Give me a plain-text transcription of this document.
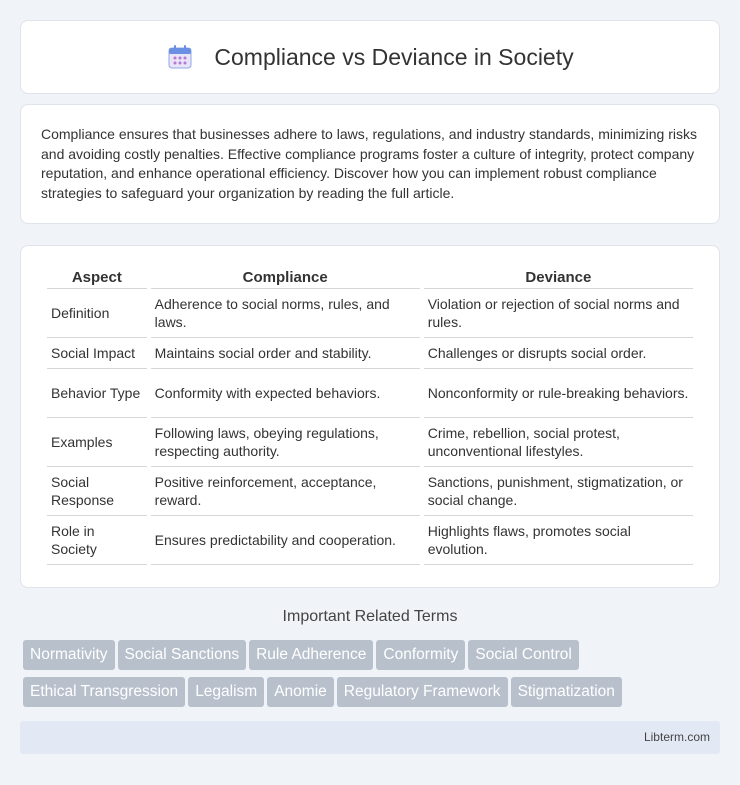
Compliance vs Deviance in Society

Compliance ensures that businesses adhere to laws, regulations, and industry standards, minimizing risks and avoiding costly penalties. Effective compliance programs foster a culture of integrity, protect company reputation, and enhance operational efficiency. Discover how you can implement robust compliance strategies to safeguard your organization by reading the full article.

Aspect	Compliance	Deviance
Definition	Adherence to social norms, rules, and laws.	Violation or rejection of social norms and rules.
Social Impact	Maintains social order and stability.	Challenges or disrupts social order.
Behavior Type	Conformity with expected behaviors.	Nonconformity or rule-breaking behaviors.
Examples	Following laws, obeying regulations, respecting authority.	Crime, rebellion, social protest, unconventional lifestyles.
Social Response	Positive reinforcement, acceptance, reward.	Sanctions, punishment, stigmatization, or social change.
Role in Society	Ensures predictability and cooperation.	Highlights flaws, promotes social evolution.
Important Related Terms
Normativity Social Sanctions Rule Adherence Conformity Social Control
Ethical Transgression Legalism Anomie Regulatory Framework Stigmatization
Libterm.com
